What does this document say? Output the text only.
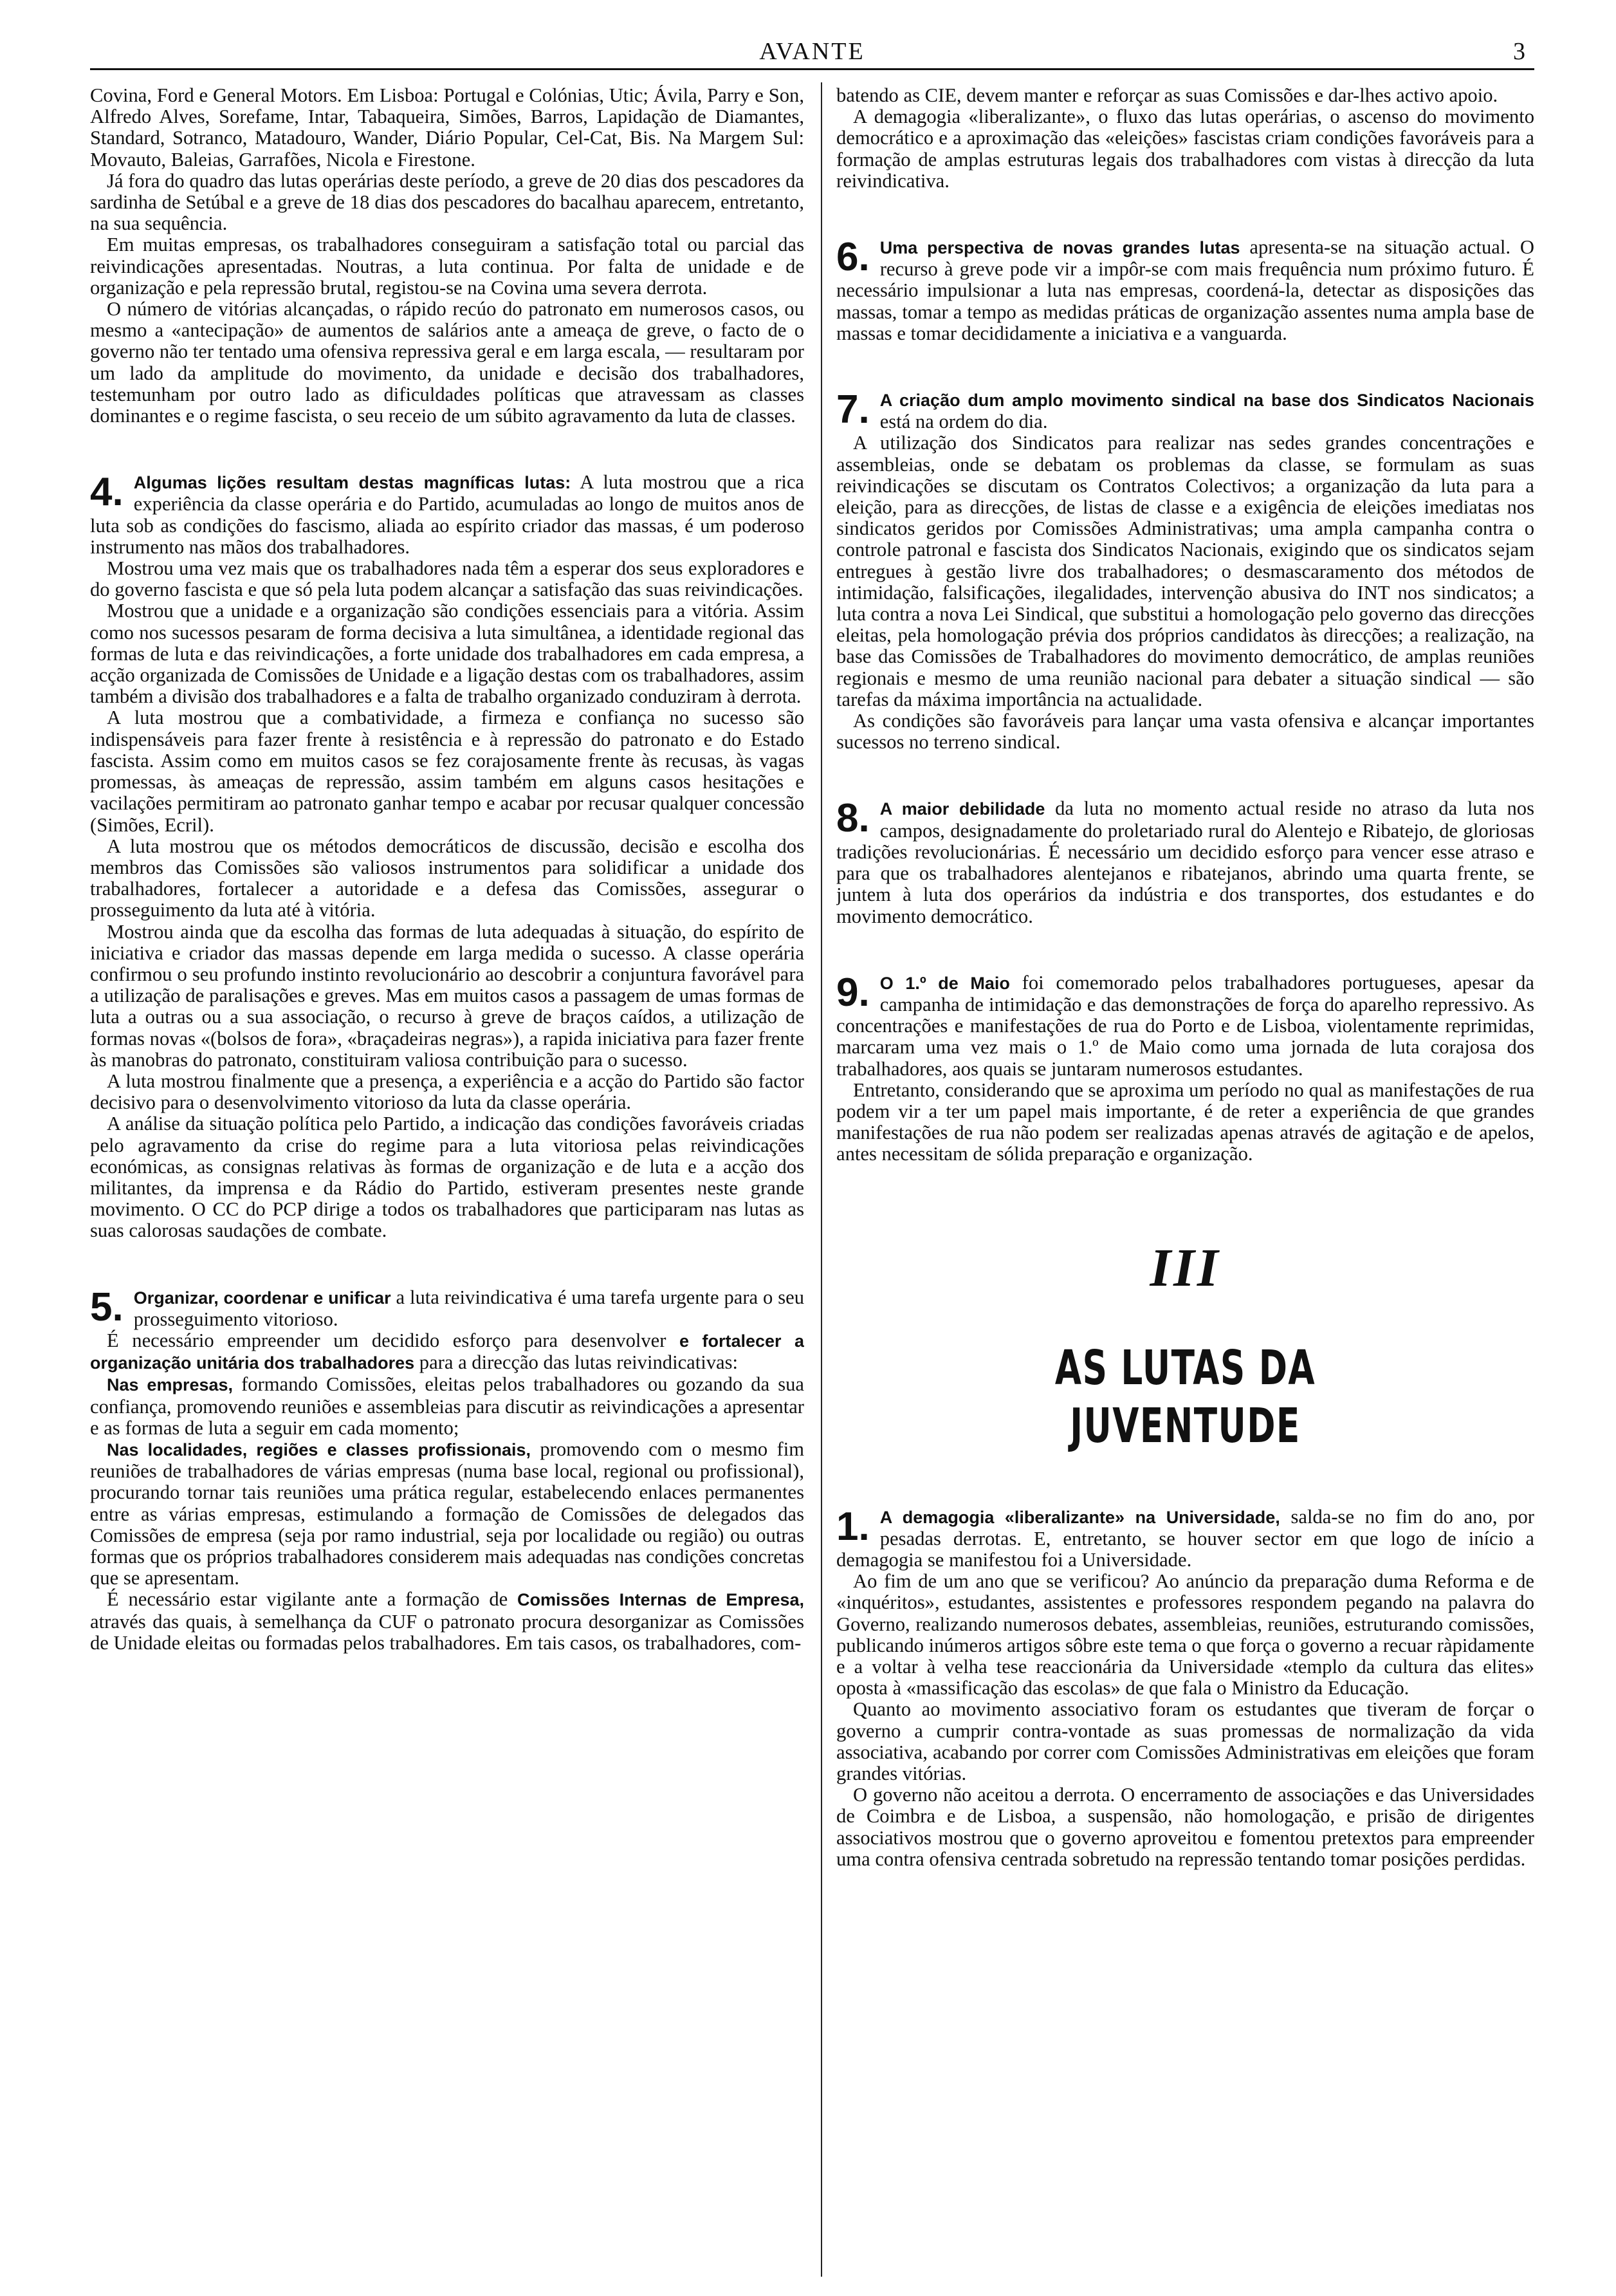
AVANTE	3

Covina, Ford e General Motors. Em Lisboa: Portugal e Colónias, Utic; Ávila, Parry e Son, Alfredo Alves, Sorefame, Intar, Tabaqueira, Simões, Barros, Lapidação de Diamantes, Standard, Sotranco, Matadouro, Wander, Diário Popular, Cel-Cat, Bis. Na Margem Sul: Movauto, Baleias, Garrafões, Nicola e Firestone.

Já fora do quadro das lutas operárias deste período, a greve de 20 dias dos pescadores da sardinha de Setúbal e a greve de 18 dias dos pescadores do bacalhau aparecem, entretanto, na sua sequência.

Em muitas empresas, os trabalhadores conseguiram a satisfação total ou parcial das reivindicações apresentadas. Noutras, a luta continua. Por falta de unidade e de organização e pela repressão brutal, registou-se na Covina uma severa derrota.

O número de vitórias alcançadas, o rápido recúo do patronato em numerosos casos, ou mesmo a «antecipação» de aumentos de salários ante a ameaça de greve, o facto de o governo não ter tentado uma ofensiva repressiva geral e em larga escala, — resultaram por um lado da amplitude do movimento, da unidade e decisão dos trabalhadores, testemunham por outro lado as dificuldades políticas que atravessam as classes dominantes e o regime fascista, o seu receio de um súbito agravamento da luta de classes.

4. Algumas lições resultam destas magníficas lutas: A luta mostrou que a rica experiência da classe operária e do Partido, acumuladas ao longo de muitos anos de luta sob as condições do fascismo, aliada ao espírito criador das massas, é um poderoso instrumento nas mãos dos trabalhadores.

Mostrou uma vez mais que os trabalhadores nada têm a esperar dos seus exploradores e do governo fascista e que só pela luta podem alcançar a satisfação das suas reivindicações.

Mostrou que a unidade e a organização são condições essenciais para a vitória. Assim como nos sucessos pesaram de forma decisiva a luta simultânea, a identidade regional das formas de luta e das reivindicações, a forte unidade dos trabalhadores em cada empresa, a acção organizada de Comissões de Unidade e a ligação destas com os trabalhadores, assim também a divisão dos trabalhadores e a falta de trabalho organizado conduziram à derrota.

A luta mostrou que a combatividade, a firmeza e confiança no sucesso são indispensáveis para fazer frente à resistência e à repressão do patronato e do Estado fascista. Assim como em muitos casos se fez corajosamente frente às recusas, às vagas promessas, às ameaças de repressão, assim também em alguns casos hesitações e vacilações permitiram ao patronato ganhar tempo e acabar por recusar qualquer concessão (Simões, Ecril).

A luta mostrou que os métodos democráticos de discussão, decisão e escolha dos membros das Comissões são valiosos instrumentos para solidificar a unidade dos trabalhadores, fortalecer a autoridade e a defesa das Comissões, assegurar o prosseguimento da luta até à vitória.

Mostrou ainda que da escolha das formas de luta adequadas à situação, do espírito de iniciativa e criador das massas depende em larga medida o sucesso. A classe operária confirmou o seu profundo instinto revolucionário ao descobrir a conjuntura favorável para a utilização de paralisações e greves. Mas em muitos casos a passagem de umas formas de luta a outras ou a sua associação, o recurso à greve de braços caídos, a utilização de formas novas «(bolsos de fora», «braçadeiras negras»), a rapida iniciativa para fazer frente às manobras do patronato, constituiram valiosa contribuição para o sucesso.

A luta mostrou finalmente que a presença, a experiência e a acção do Partido são factor decisivo para o desenvolvimento vitorioso da luta da classe operária.

A análise da situação política pelo Partido, a indicação das condições favoráveis criadas pelo agravamento da crise do regime para a luta vitoriosa pelas reivindicações económicas, as consignas relativas às formas de organização e de luta e a acção dos militantes, da imprensa e da Rádio do Partido, estiveram presentes neste grande movimento. O CC do PCP dirige a todos os trabalhadores que participaram nas lutas as suas calorosas saudações de combate.

5. Organizar, coordenar e unificar a luta reivindicativa é uma tarefa urgente para o seu prosseguimento vitorioso.

É necessário empreender um decidido esforço para desenvolver e fortalecer a organização unitária dos trabalhadores para a direcção das lutas reivindicativas:

Nas empresas, formando Comissões, eleitas pelos trabalhadores ou gozando da sua confiança, promovendo reuniões e assembleias para discutir as reivindicações a apresentar e as formas de luta a seguir em cada momento;

Nas localidades, regiões e classes profissionais, promovendo com o mesmo fim reuniões de trabalhadores de várias empresas (numa base local, regional ou profissional), procurando tornar tais reuniões uma prática regular, estabelecendo enlaces permanentes entre as várias empresas, estimulando a formação de Comissões de delegados das Comissões de empresa (seja por ramo industrial, seja por localidade ou região) ou outras formas que os próprios trabalhadores considerem mais adequadas nas condições concretas que se apresentam.

É necessário estar vigilante ante a formação de Comissões Internas de Empresa, através das quais, à semelhança da CUF o patronato procura desorganizar as Comissões de Unidade eleitas ou formadas pelos trabalhadores. Em tais casos, os trabalhadores, com-

batendo as CIE, devem manter e reforçar as suas Comissões e dar-lhes activo apoio.

A demagogia «liberalizante», o fluxo das lutas operárias, o ascenso do movimento democrático e a aproximação das «eleições» fascistas criam condições favoráveis para a formação de amplas estruturas legais dos trabalhadores com vistas à direcção da luta reivindicativa.

6. Uma perspectiva de novas grandes lutas apresenta-se na situação actual. O recurso à greve pode vir a impôr-se com mais frequência num próximo futuro. É necessário impulsionar a luta nas empresas, coordená-la, detectar as disposições das massas, tomar a tempo as medidas práticas de organização assentes numa ampla base de massas e tomar decididamente a iniciativa e a vanguarda.

7. A criação dum amplo movimento sindical na base dos Sindicatos Nacionais está na ordem do dia.

A utilização dos Sindicatos para realizar nas sedes grandes concentrações e assembleias, onde se debatam os problemas da classe, se formulam as suas reivindicações se discutam os Contratos Colectivos; a organização da luta para a eleição, para as direcções, de listas de classe e a exigência de eleições imediatas nos sindicatos geridos por Comissões Administrativas; uma ampla campanha contra o controle patronal e fascista dos Sindicatos Nacionais, exigindo que os sindicatos sejam entregues à gestão livre dos trabalhadores; o desmascaramento dos métodos de intimidação, falsificações, ilegalidades, intervenção abusiva do INT nos sindicatos; a luta contra a nova Lei Sindical, que substitui a homologação pelo governo das direcções eleitas, pela homologação prévia dos próprios candidatos às direcções; a realização, na base das Comissões de Trabalhadores do movimento democrático, de amplas reuniões regionais e mesmo de uma reunião nacional para debater a situação sindical — são tarefas da máxima importância na actualidade.

As condições são favoráveis para lançar uma vasta ofensiva e alcançar importantes sucessos no terreno sindical.

8. A maior debilidade da luta no momento actual reside no atraso da luta nos campos, designadamente do proletariado rural do Alentejo e Ribatejo, de gloriosas tradições revolucionárias. É necessário um decidido esforço para vencer esse atraso e para que os trabalhadores alentejanos e ribatejanos, abrindo uma quarta frente, se juntem à luta dos operários da indústria e dos transportes, dos estudantes e do movimento democrático.

9. O 1.º de Maio foi comemorado pelos trabalhadores portugueses, apesar da campanha de intimidação e das demonstrações de força do aparelho repressivo. As concentrações e manifestações de rua do Porto e de Lisboa, violentamente reprimidas, marcaram uma vez mais o 1.º de Maio como uma jornada de luta corajosa dos trabalhadores, aos quais se juntaram numerosos estudantes.

Entretanto, considerando que se aproxima um período no qual as manifestações de rua podem vir a ter um papel mais importante, é de reter a experiência de que grandes manifestações de rua não podem ser realizadas apenas através de agitação e de apelos, antes necessitam de sólida preparação e organização.

III
AS LUTAS DA JUVENTUDE

1. A demagogia «liberalizante» na Universidade, salda-se no fim do ano, por pesadas derrotas. E, entretanto, se houver sector em que logo de início a demagogia se manifestou foi a Universidade.

Ao fim de um ano que se verificou? Ao anúncio da preparação duma Reforma e de «inquéritos», estudantes, assistentes e professores respondem pegando na palavra do Governo, realizando numerosos debates, assembleias, reuniões, estruturando comissões, publicando inúmeros artigos sôbre este tema o que força o governo a recuar ràpidamente e a voltar à velha tese reaccionária da Universidade «templo da cultura das elites» oposta à «massificação das escolas» de que fala o Ministro da Educação.

Quanto ao movimento associativo foram os estudantes que tiveram de forçar o governo a cumprir contra-vontade as suas promessas de normalização da vida associativa, acabando por correr com Comissões Administrativas em eleições que foram grandes vitórias.

O governo não aceitou a derrota. O encerramento de associações e das Universidades de Coimbra e de Lisboa, a suspensão, não homologação, e prisão de dirigentes associativos mostrou que o governo aproveitou e fomentou pretextos para empreender uma contra ofensiva centrada sobretudo na repressão tentando tomar posições perdidas.
